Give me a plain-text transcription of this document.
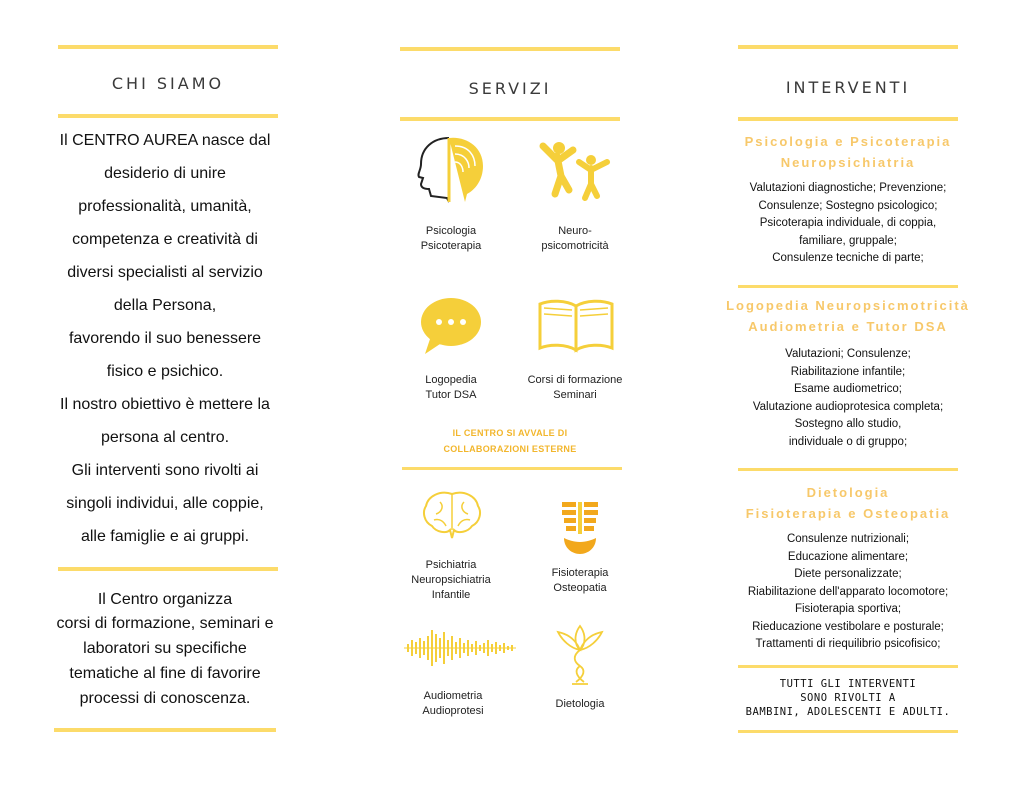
CHI SIAMO
Il CENTRO AUREA nasce dal
desiderio di unire
professionalità, umanità,
competenza e creatività di
diversi specialisti al servizio
della Persona,
favorendo il suo benessere
fisico e psichico.
Il nostro obiettivo è mettere la
persona al centro.
Gli interventi sono rivolti ai
singoli individui, alle coppie,
alle famiglie e ai gruppi.
Il Centro organizza
corsi di formazione, seminari e
laboratori su specifiche
tematiche al fine di favorire
processi di conoscenza.
SERVIZI
Psicologia
Psicoterapia
Neuro-
psicomotricità
Logopedia
Tutor DSA
Corsi di formazione
Seminari
IL CENTRO SI AVVALE DI
COLLABORAZIONI ESTERNE
Psichiatria
Neuropsichiatria
Infantile
Fisioterapia
Osteopatia
Audiometria
Audioprotesi
Dietologia
INTERVENTI
Psicologia e Psicoterapia
Neuropsichiatria
Valutazioni diagnostiche; Prevenzione;
Consulenze; Sostegno psicologico;
Psicoterapia individuale, di coppia,
familiare, gruppale;
Consulenze tecniche di parte;
Logopedia Neuropsicmotricità
Audiometria e Tutor DSA
Valutazioni; Consulenze;
Riabilitazione infantile;
Esame audiometrico;
Valutazione audioprotesica completa;
Sostegno allo studio,
individuale o di gruppo;
Dietologia
Fisioterapia e Osteopatia
Consulenze nutrizionali;
Educazione alimentare;
Diete personalizzate;
Riabilitazione dell'apparato locomotore;
Fisioterapia sportiva;
Rieducazione vestibolare e posturale;
Trattamenti di riequilibrio psicofisico;
TUTTI GLI INTERVENTI
SONO RIVOLTI A
BAMBINI, ADOLESCENTI E ADULTI.
